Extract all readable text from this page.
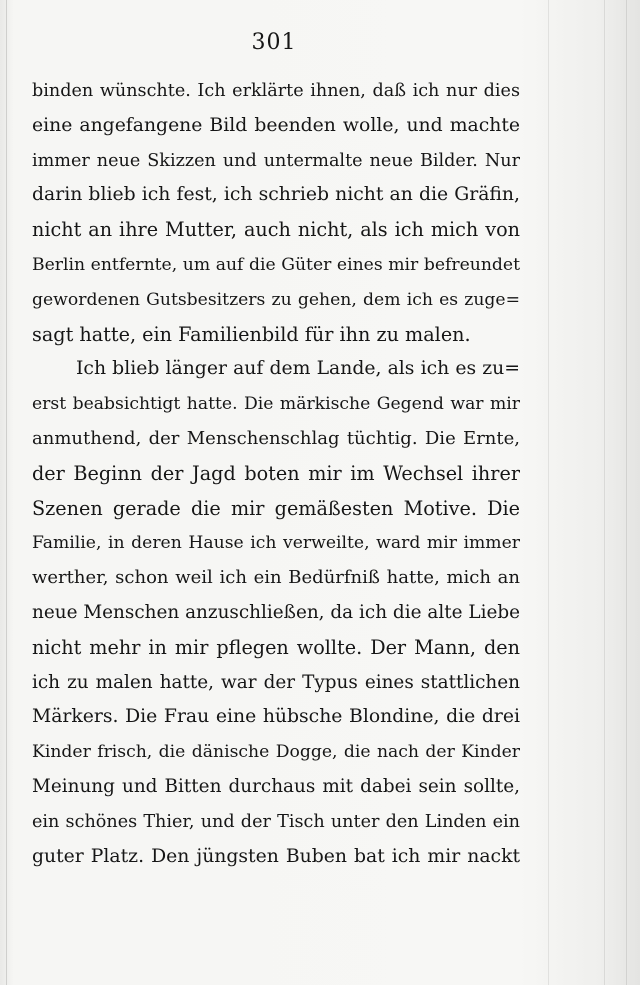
301
binden wünschte. Ich erklärte ihnen, daß ich nur dies
eine angefangene Bild beenden wolle, und machte
immer neue Skizzen und untermalte neue Bilder. Nur
darin blieb ich fest, ich schrieb nicht an die Gräfin,
nicht an ihre Mutter, auch nicht, als ich mich von
Berlin entfernte, um auf die Güter eines mir befreundet
gewordenen Gutsbesitzers zu gehen, dem ich es zuge=
sagt hatte, ein Familienbild für ihn zu malen.
Ich blieb länger auf dem Lande, als ich es zu=
erst beabsichtigt hatte. Die märkische Gegend war mir
anmuthend, der Menschenschlag tüchtig. Die Ernte,
der Beginn der Jagd boten mir im Wechsel ihrer
Szenen gerade die mir gemäßesten Motive. Die
Familie, in deren Hause ich verweilte, ward mir immer
werther, schon weil ich ein Bedürfniß hatte, mich an
neue Menschen anzuschließen, da ich die alte Liebe
nicht mehr in mir pflegen wollte. Der Mann, den
ich zu malen hatte, war der Typus eines stattlichen
Märkers. Die Frau eine hübsche Blondine, die drei
Kinder frisch, die dänische Dogge, die nach der Kinder
Meinung und Bitten durchaus mit dabei sein sollte,
ein schönes Thier, und der Tisch unter den Linden ein
guter Platz. Den jüngsten Buben bat ich mir nackt
